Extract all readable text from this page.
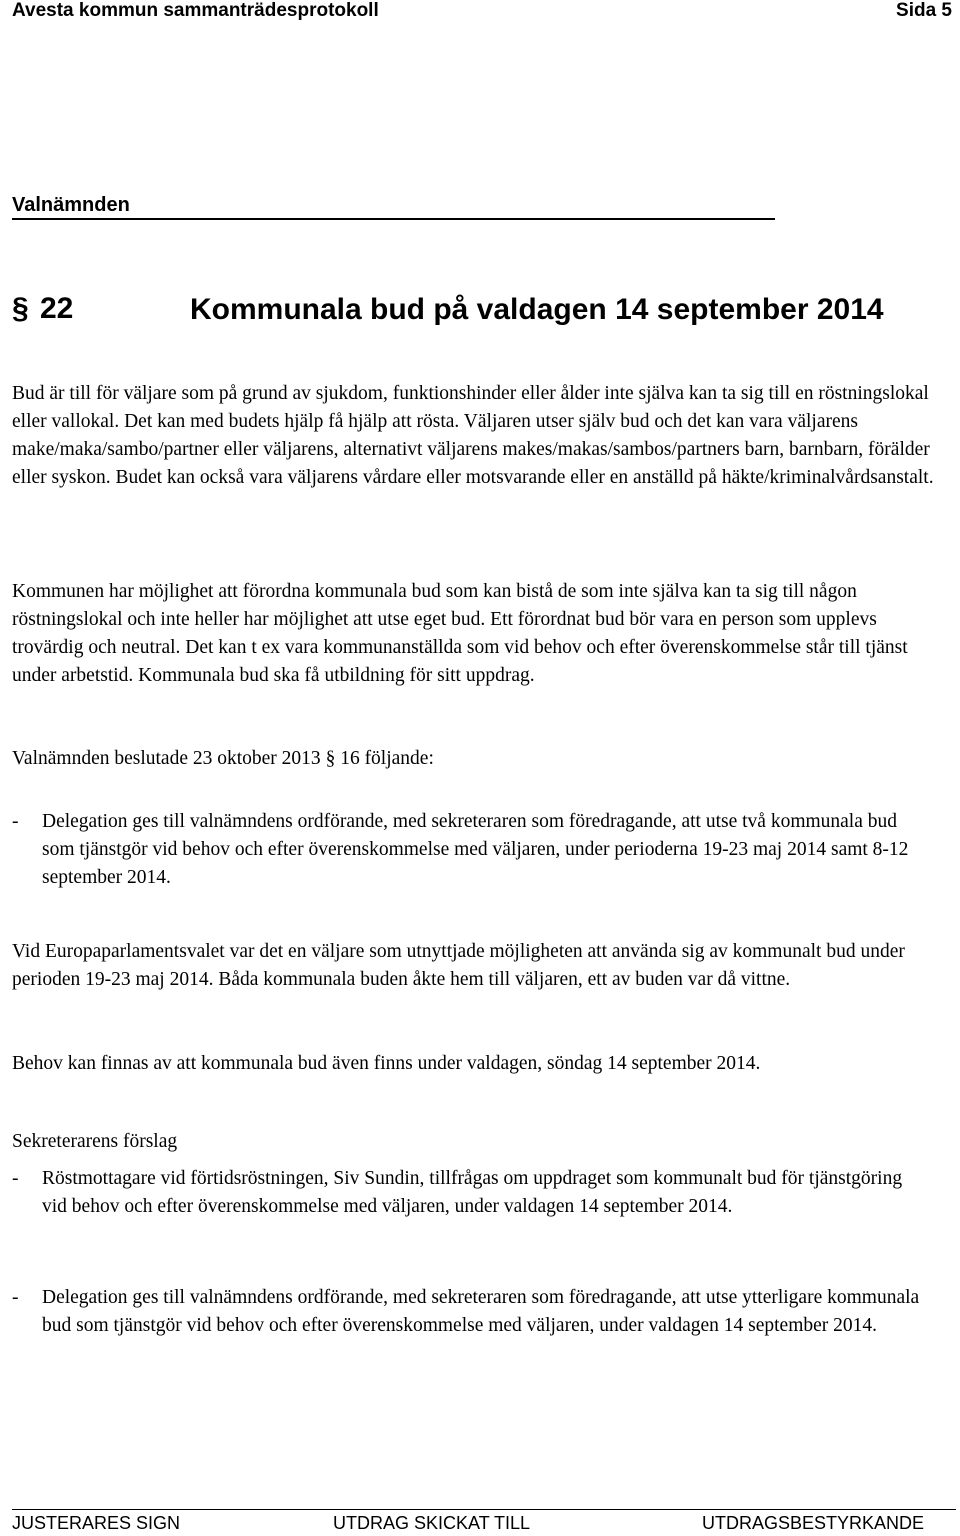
Avesta kommun sammanträdesprotokoll	Sida 5
Valnämnden
§ 22	Kommunala bud på valdagen 14 september 2014

Bud är till för väljare som på grund av sjukdom, funktionshinder eller ålder inte själva kan ta sig till en röstningslokal eller vallokal. Det kan med budets hjälp få hjälp att rösta. Väljaren utser själv bud och det kan vara väljarens make/maka/sambo/partner eller väljarens, alternativt väljarens makes/makas/sambos/partners barn, barnbarn, förälder eller syskon. Budet kan också vara väljarens vårdare eller motsvarande eller en anställd på häkte/kriminalvårdsanstalt.

Kommunen har möjlighet att förordna kommunala bud som kan bistå de som inte själva kan ta sig till någon röstningslokal och inte heller har möjlighet att utse eget bud. Ett förordnat bud bör vara en person som upplevs trovärdig och neutral. Det kan t ex vara kommunanställda som vid behov och efter överenskommelse står till tjänst under arbetstid. Kommunala bud ska få utbildning för sitt uppdrag.

Valnämnden beslutade 23 oktober 2013 § 16 följande:

- Delegation ges till valnämndens ordförande, med sekreteraren som föredragande, att utse två kommunala bud som tjänstgör vid behov och efter överenskommelse med väljaren, under perioderna 19-23 maj 2014 samt 8-12 september 2014.

Vid Europaparlamentsvalet var det en väljare som utnyttjade möjligheten att använda sig av kommunalt bud under perioden 19-23 maj 2014. Båda kommunala buden åkte hem till väljaren, ett av buden var då vittne.

Behov kan finnas av att kommunala bud även finns under valdagen, söndag 14 september 2014.

Sekreterarens förslag

- Röstmottagare vid förtidsröstningen, Siv Sundin, tillfrågas om uppdraget som kommunalt bud för tjänstgöring vid behov och efter överenskommelse med väljaren, under valdagen 14 september 2014.
- Delegation ges till valnämndens ordförande, med sekreteraren som föredragande, att utse ytterligare kommunala bud som tjänstgör vid behov och efter överenskommelse med väljaren, under valdagen 14 september 2014.
JUSTERARES SIGN	UTDRAG SKICKAT TILL	UTDRAGSBESTYRKANDE
